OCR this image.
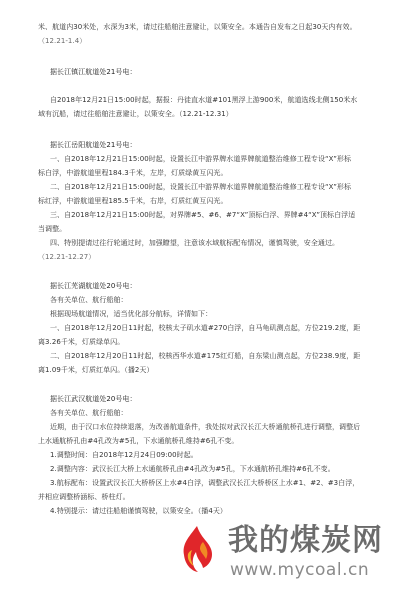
米、航道内30米处，水深为3米，请过往船舶注意避让，以策安全。本通告自发布之日起30天内有效。
（12.21-1.4）
据长江镇江航道处21号电：
自2018年12月21日15:00时起，据报：丹徒直水道#101黑浮上游900米，航道选线北侧150米水
域有沉船，请过往船舶注意避让，以策安全。（12.21-12.31）
据长江岳阳航道处21号电：
一、自2018年12月21日15:00时起，设置长江中游界牌水道界牌航道整治维修工程专设“X”形标
标白浮，中游航道里程184.3千米，左岸，灯质绿黄互闪光。
二、自2018年12月21日15:00时起，设置长江中游界牌水道界牌航道整治维修工程专设“X”形标
标红浮，中游航道里程185.5千米，右岸，灯质红黄互闪光。
三、自2018年12月21日15:00时起，对界牌#5、#6、#7“X”顶标白浮、界牌#4“X”顶标白浮适
当调整。
四、特别提请过往行轮通过时，加强瞭望，注意该水域航标配布情况，谨慎驾驶，安全通过。
（12.21-12.27）
据长江芜湖航道处20号电：
各有关单位、航行船舶：
根据现场航道情况，适当优化部分航标，详情如下：
一、自2018年12月20日11时起，校核太子矶水道#270白浮，自马龟矶测点起，方位219.2度，距
离3.26千米，灯质绿单闪。
二、自2018年12月20日11时起，校核西华水道#175红灯船，自东梁山测点起，方位238.9度，距
离1.09千米，灯质红单闪。（播2天）
据长江武汉航道处20号电：
各有关单位、航行船舶：
近期，由于汉口水位持续退落，为改善航道条件，我处拟对武汉长江大桥通航桥孔进行调整，调整后
上水通航桥孔由#4孔改为#5孔，下水通航桥孔维持#6孔不变。
1.调整时间：自2018年12月24日09:00时起。
2.调整内容：武汉长江大桥上水通航桥孔由#4孔改为#5孔，下水通航桥孔维持#6孔不变。
3.航标配布：设置武汉长江大桥桥区上水#4白浮，调整武汉长江大桥桥区上水#1、#2、#3白浮，
并相应调整桥涵标、桥柱灯。
4.特别提示：请过往船舶谨慎驾驶，以策安全。（播4天）
我的煤炭网
www.mycoal.cn
